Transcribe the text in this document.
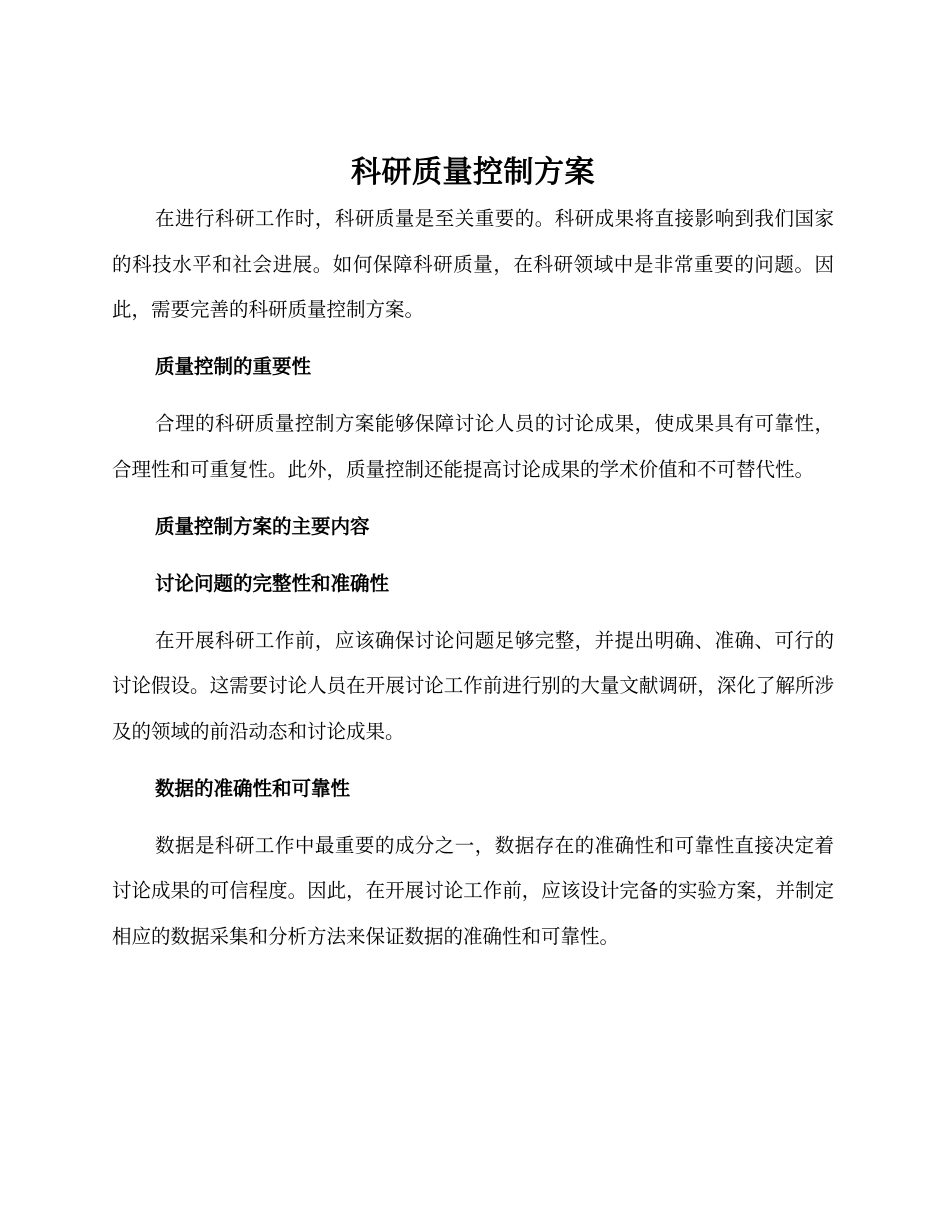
科研质量控制方案

在进行科研工作时，科研质量是至关重要的。科研成果将直接影响到我们国家的科技水平和社会进展。如何保障科研质量，在科研领域中是非常重要的问题。因此，需要完善的科研质量控制方案。

质量控制的重要性

合理的科研质量控制方案能够保障讨论人员的讨论成果，使成果具有可靠性，合理性和可重复性。此外，质量控制还能提高讨论成果的学术价值和不可替代性。

质量控制方案的主要内容
讨论问题的完整性和准确性

在开展科研工作前，应该确保讨论问题足够完整，并提出明确、准确、可行的讨论假设。这需要讨论人员在开展讨论工作前进行别的大量文献调研，深化了解所涉及的领域的前沿动态和讨论成果。

数据的准确性和可靠性

数据是科研工作中最重要的成分之一，数据存在的准确性和可靠性直接决定着讨论成果的可信程度。因此，在开展讨论工作前，应该设计完备的实验方案，并制定相应的数据采集和分析方法来保证数据的准确性和可靠性。
